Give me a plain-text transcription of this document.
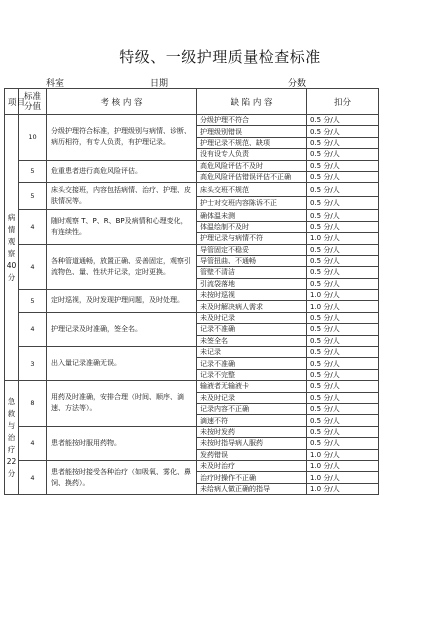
特级、一级护理质量检查标准
科室	日期	分数
项目	标准分值	考 核 内 容	缺 陷 内 容	扣分

病情观察40分	10	分级护理符合标准，护理级别与病情、诊断、病历相符，有专人负责，有护理记录。	分级护理不符合	0.5 分/人
			护理级别错误	0.5 分/人
			护理记录不规范、缺项	0.5 分/人
			没有设专人负责	0.5 分/人
	5	危重患者进行高危风险评估。	高危风险评估不及时	0.5 分/人
			高危风险评估错误评估不正确	0.5 分/人
	5	床头交接班，内容包括病情、治疗、护理、皮肤情况等。	床头交班不规范	0.5 分/人
			护士对交班内容陈诉不正	0.5 分/人
	4	随时观察 T、P、R、BP及病情和心理变化，有连续性。	确体温未测	0.5 分/人
			体温绘制不及时	0.5 分/人
			护理记录与病情不符	1.0 分/人
	4	各种管道通畅，放置正确、妥善固定，观察引流物色、量、性状并记录，定时更换。	导管固定不稳妥	0.5 分/人
			导管扭曲、不通畅	0.5 分/人
			管壁不清洁	0.5 分/人
			引流袋落地	0.5 分/人
	5	定时巡视，及时发现护理问题，及时处理。	未按时巡视	1.0 分/人
			未及时解决病人需求	1.0 分/人
	4	护理记录及时准确，签全名。	未及时记录	0.5 分/人
			记录不准确	0.5 分/人
			未签全名	0.5 分/人
	3	出入量记录准确无误。	未记录	0.5 分/人
			记录不准确	0.5 分/人
			记录不完整	0.5 分/人

急救与治疗22分	8	用药及时准确，安排合理（时间、顺序、滴速、方法等）。	输液者无输液卡	0.5 分/人
			未及时记录	0.5 分/人
			记录内容不正确	0.5 分/人
			滴速不符	0.5 分/人
	4	患者能按时服用药物。	未按时发药	0.5 分/人
			未按时指导病人服药	0.5 分/人
			发药错误	1.0 分/人
	4	患者能按时接受各种治疗（如吸氧、雾化、鼻饲、换药）。	未及时治疗	1.0 分/人
			治疗时操作不正确	1.0 分/人
			未给病人做正确的指导	1.0 分/人
